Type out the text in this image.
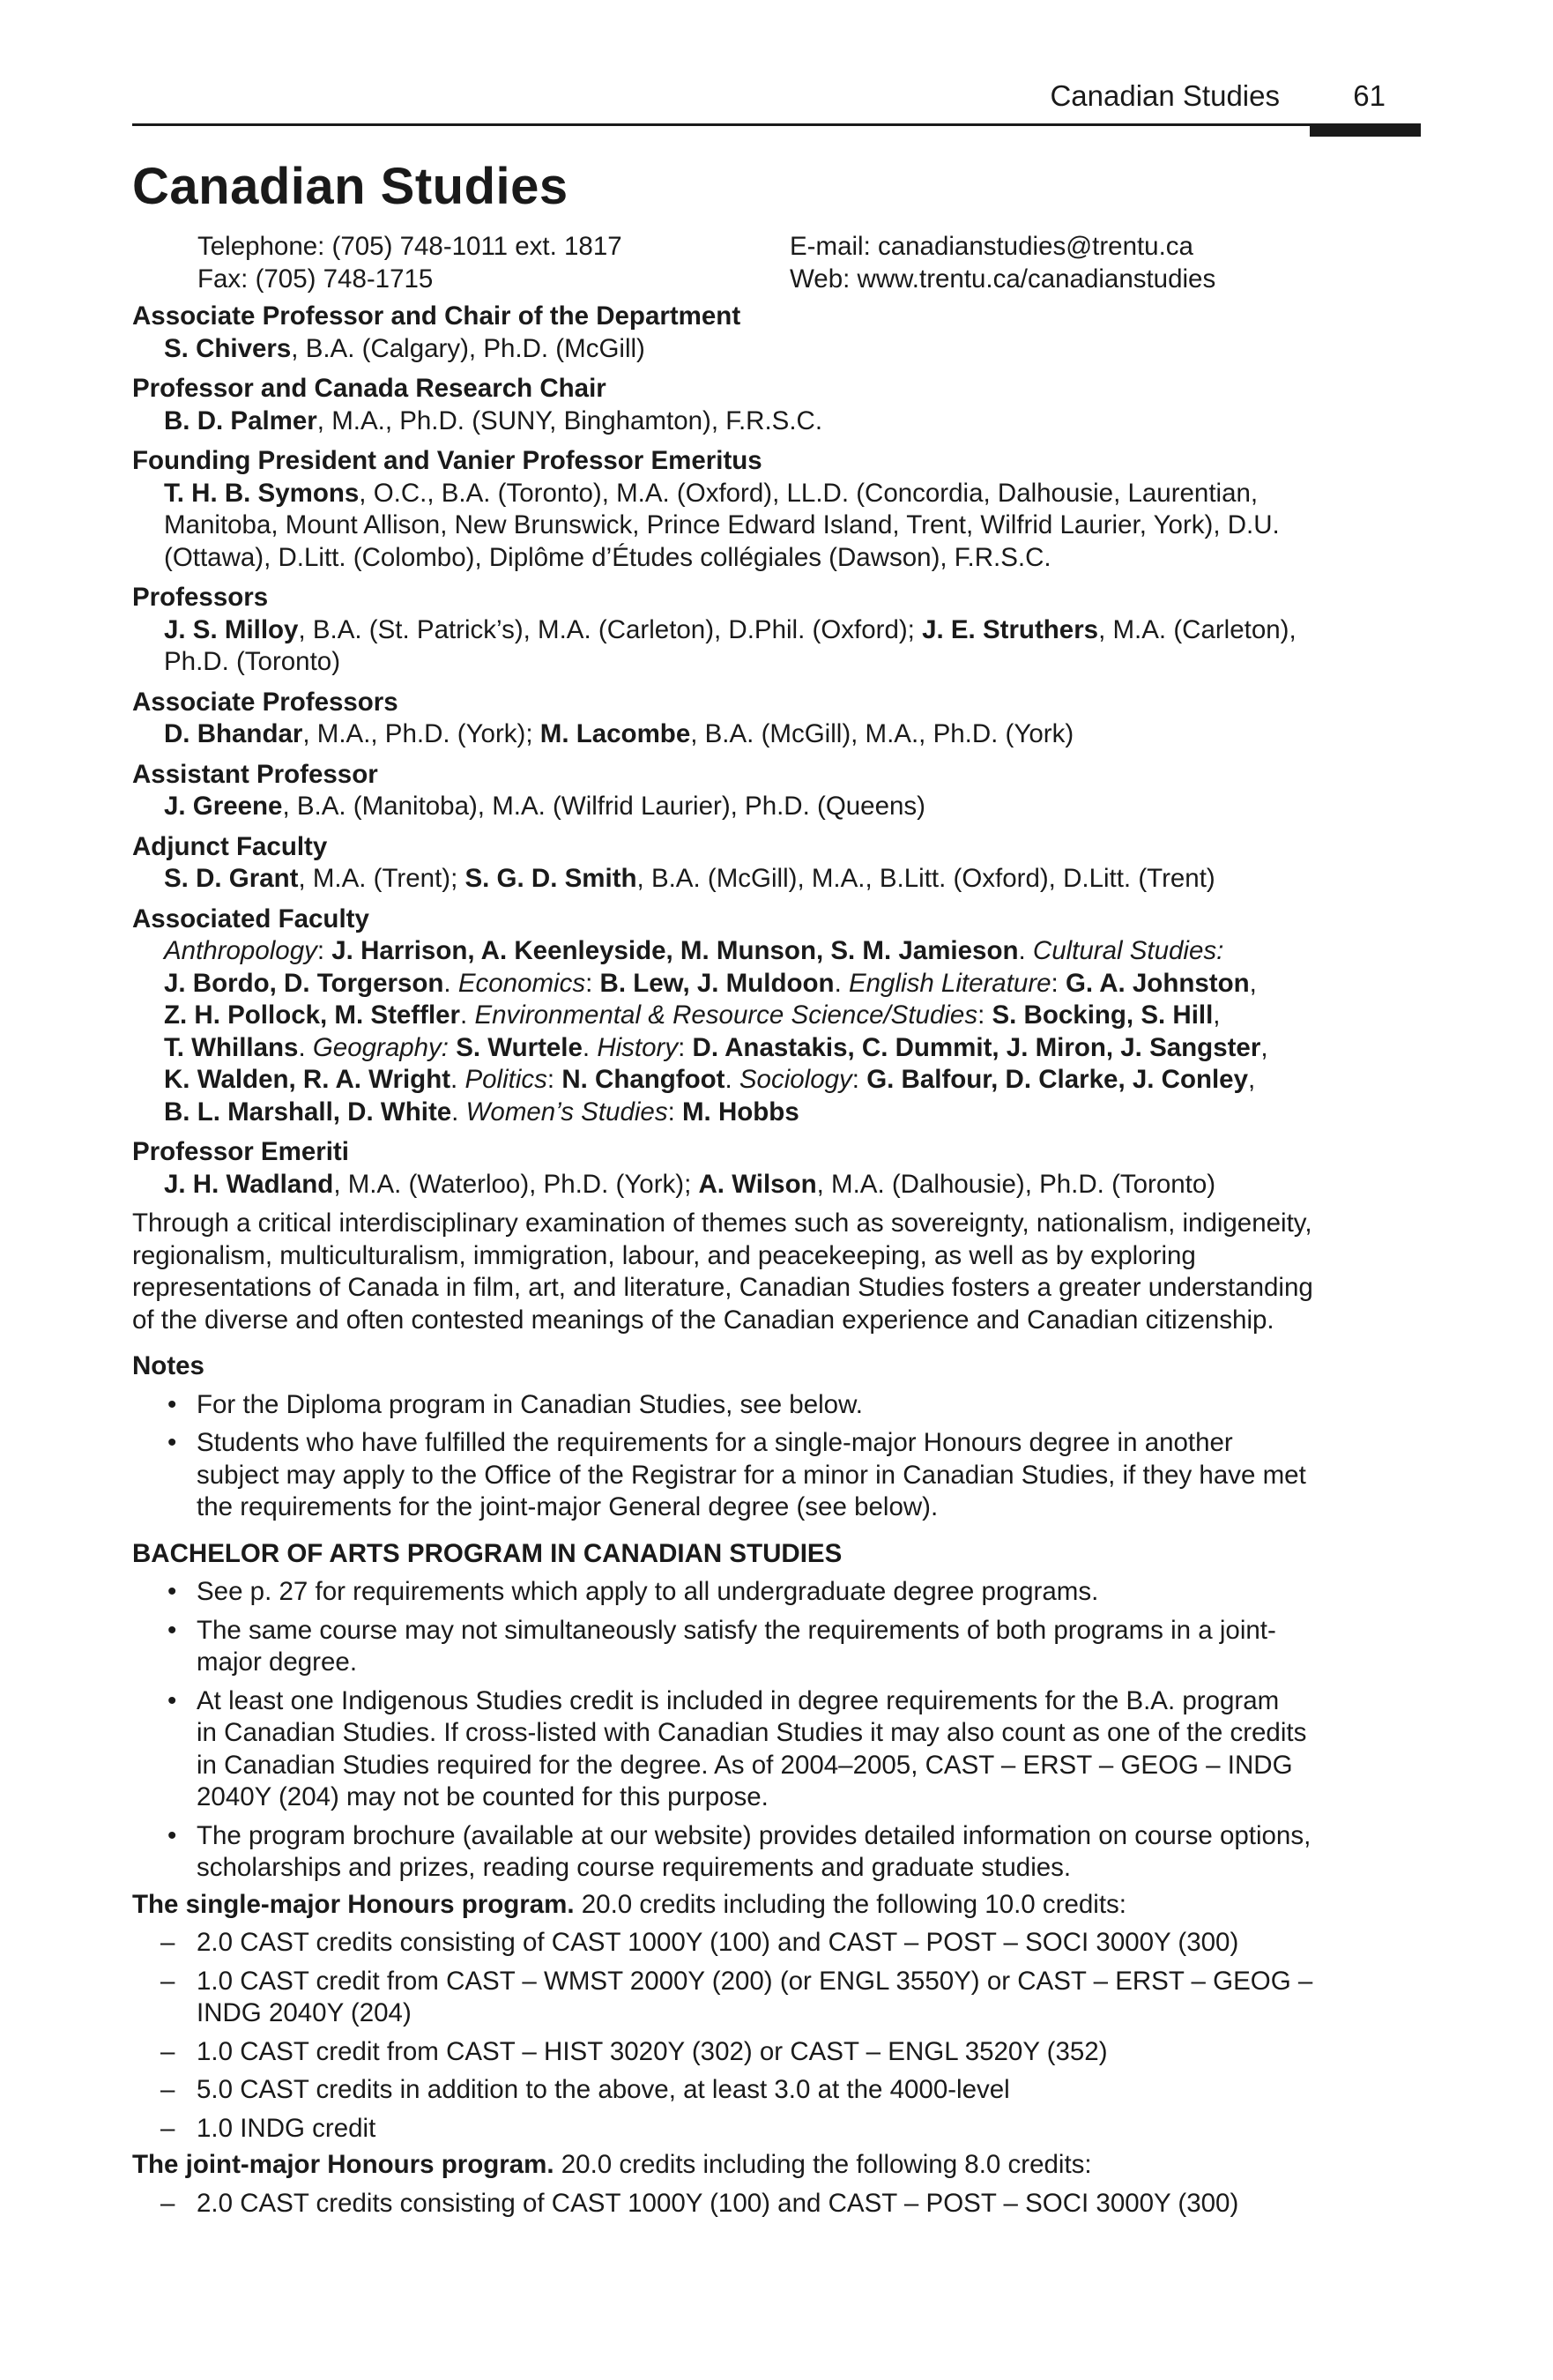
Canadian Studies	61
Canadian Studies
Telephone: (705) 748-1011 ext. 1817
Fax: (705) 748-1715
E-mail: canadianstudies@trentu.ca
Web: www.trentu.ca/canadianstudies
Associate Professor and Chair of the Department
S. Chivers, B.A. (Calgary), Ph.D. (McGill)
Professor and Canada Research Chair
B. D. Palmer, M.A., Ph.D. (SUNY, Binghamton), F.R.S.C.
Founding President and Vanier Professor Emeritus
T. H. B. Symons, O.C., B.A. (Toronto), M.A. (Oxford), LL.D. (Concordia, Dalhousie, Laurentian,
Manitoba, Mount Allison, New Brunswick, Prince Edward Island, Trent, Wilfrid Laurier, York), D.U.
(Ottawa), D.Litt. (Colombo), Diplôme d’Études collégiales (Dawson), F.R.S.C.
Professors
J. S. Milloy, B.A. (St. Patrick’s), M.A. (Carleton), D.Phil. (Oxford); J. E. Struthers, M.A. (Carleton),
Ph.D. (Toronto)
Associate Professors
D. Bhandar, M.A., Ph.D. (York); M. Lacombe, B.A. (McGill), M.A., Ph.D. (York)
Assistant Professor
J. Greene, B.A. (Manitoba), M.A. (Wilfrid Laurier), Ph.D. (Queens)
Adjunct Faculty
S. D. Grant, M.A. (Trent); S. G. D. Smith, B.A. (McGill), M.A., B.Litt. (Oxford), D.Litt. (Trent)
Associated Faculty
Anthropology: J. Harrison, A. Keenleyside, M. Munson, S. M. Jamieson. Cultural Studies:
J. Bordo, D. Torgerson. Economics: B. Lew, J. Muldoon. English Literature: G. A. Johnston,
Z. H. Pollock, M. Steffler. Environmental & Resource Science/Studies: S. Bocking, S. Hill,
T. Whillans. Geography: S. Wurtele. History: D. Anastakis, C. Dummit, J. Miron, J. Sangster,
K. Walden, R. A. Wright. Politics: N. Changfoot. Sociology: G. Balfour, D. Clarke, J. Conley,
B. L. Marshall, D. White. Women’s Studies: M. Hobbs
Professor Emeriti
J. H. Wadland, M.A. (Waterloo), Ph.D. (York); A. Wilson, M.A. (Dalhousie), Ph.D. (Toronto)
Through a critical interdisciplinary examination of themes such as sovereignty, nationalism, indigeneity,
regionalism, multiculturalism, immigration, labour, and peacekeeping, as well as by exploring
representations of Canada in film, art, and literature, Canadian Studies fosters a greater understanding
of the diverse and often contested meanings of the Canadian experience and Canadian citizenship.
Notes
• For the Diploma program in Canadian Studies, see below.
• Students who have fulfilled the requirements for a single-major Honours degree in another
subject may apply to the Office of the Registrar for a minor in Canadian Studies, if they have met
the requirements for the joint-major General degree (see below).
BACHELOR OF ARTS PROGRAM IN CANADIAN STUDIES
• See p. 27 for requirements which apply to all undergraduate degree programs.
• The same course may not simultaneously satisfy the requirements of both programs in a joint-
major degree.
• At least one Indigenous Studies credit is included in degree requirements for the B.A. program
in Canadian Studies. If cross-listed with Canadian Studies it may also count as one of the credits
in Canadian Studies required for the degree. As of 2004–2005, CAST – ERST – GEOG – INDG
2040Y (204) may not be counted for this purpose.
• The program brochure (available at our website) provides detailed information on course options,
scholarships and prizes, reading course requirements and graduate studies.
The single-major Honours program. 20.0 credits including the following 10.0 credits:
– 2.0 CAST credits consisting of CAST 1000Y (100) and CAST – POST – SOCI 3000Y (300)
– 1.0 CAST credit from CAST – WMST 2000Y (200) (or ENGL 3550Y) or CAST – ERST – GEOG –
INDG 2040Y (204)
– 1.0 CAST credit from CAST – HIST 3020Y (302) or CAST – ENGL 3520Y (352)
– 5.0 CAST credits in addition to the above, at least 3.0 at the 4000-level
– 1.0 INDG credit
The joint-major Honours program. 20.0 credits including the following 8.0 credits:
– 2.0 CAST credits consisting of CAST 1000Y (100) and CAST – POST – SOCI 3000Y (300)
